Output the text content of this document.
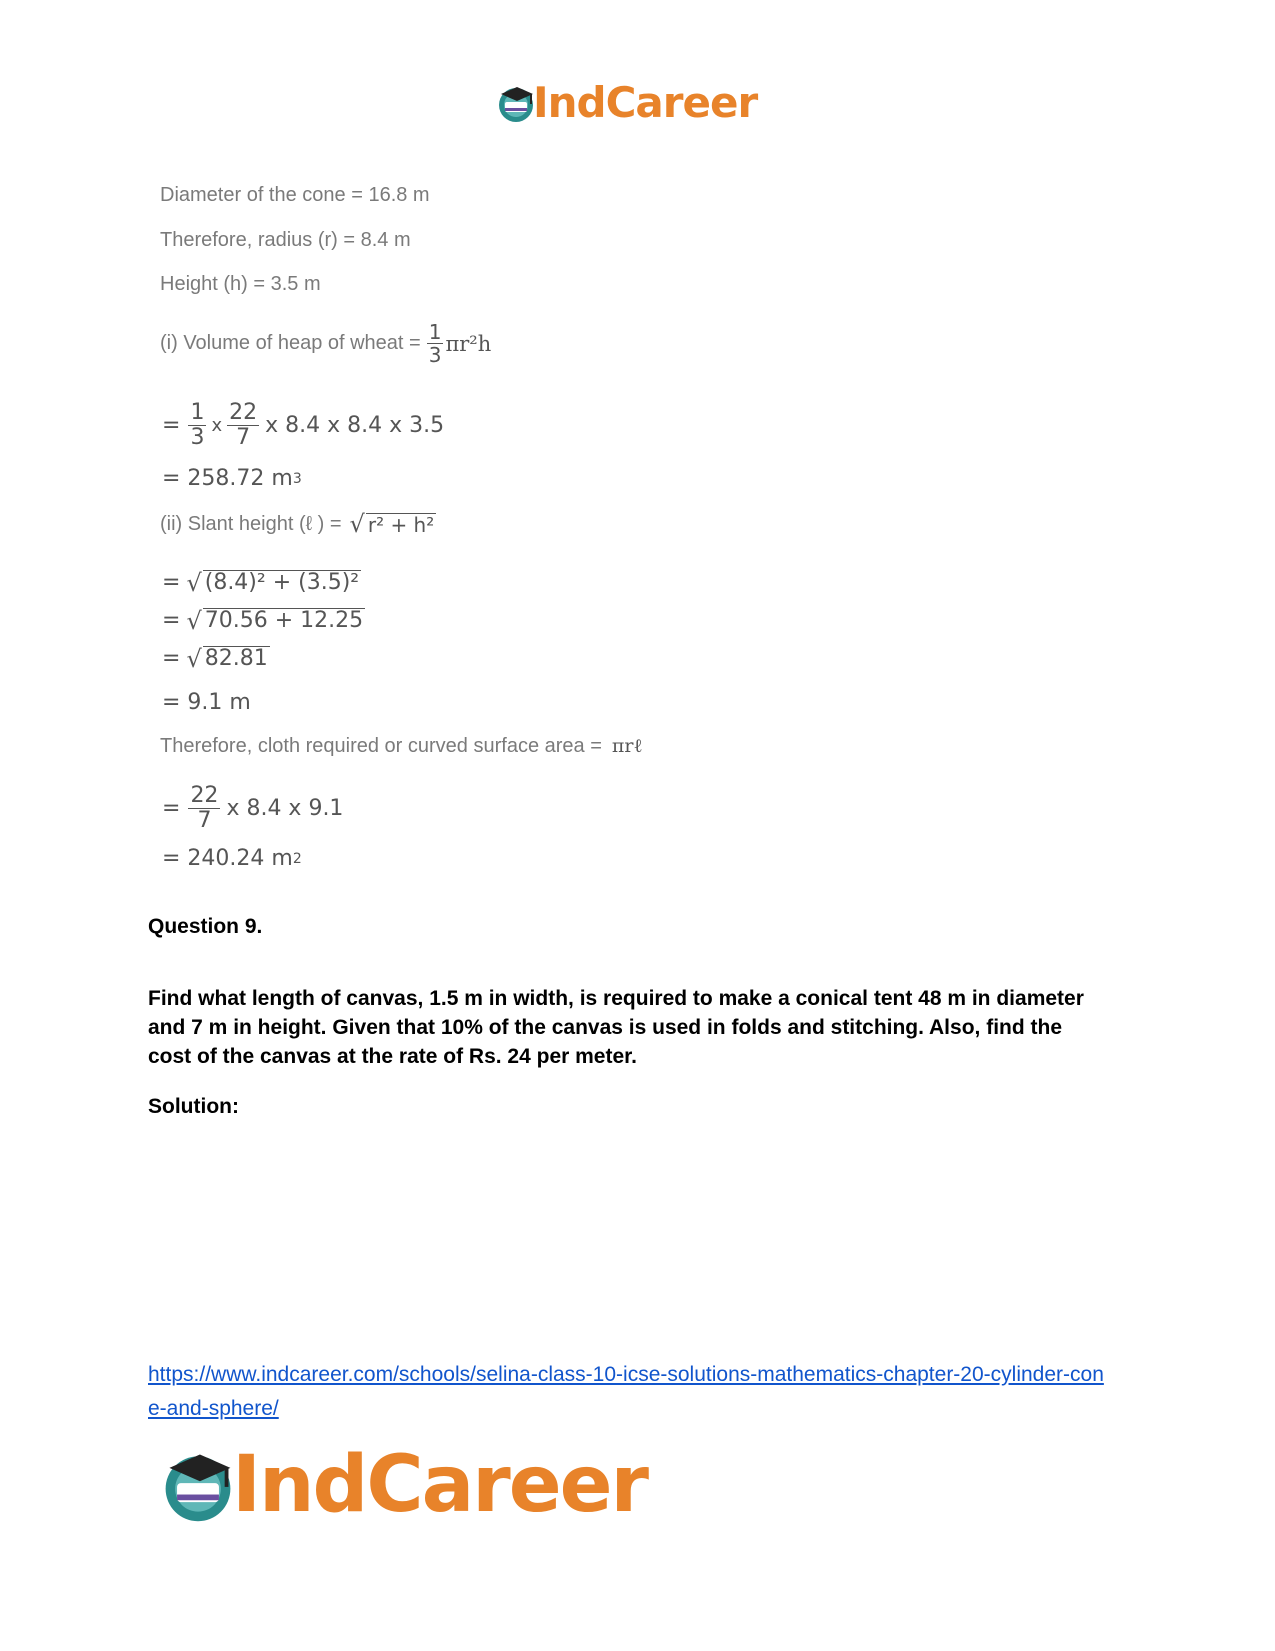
IndCareer
Diameter of the cone = 16.8 m
Therefore, radius (r) = 8.4 m
Height (h) = 3.5 m
(i) Volume of heap of wheat = $\frac{1}{3} \pi r^2h$
= $\frac{1}{3}$ x $\frac{22}{7}$ x 8.4 x 8.4 x 3.5
= 258.72 m 3
(ii) Slant height (ℓ ) = √ r² + h²
= √ (8.4)² + (3.5)²
= √ 70.56 + 12.25
= √ 82.81
= 9.1 m
Therefore, cloth required or curved surface area = πrℓ
= $\frac{22}{7}$ x 8.4 x 9.1
= 240.24 m 2
Question 9.
Find what length of canvas, 1.5 m in width, is required to make a conical tent 48 m in diameter and 7 m in height. Given that 10% of the canvas is used in folds and stitching. Also, find the cost of the canvas at the rate of Rs. 24 per meter.
Solution:
https://www.indcareer.com/schools/selina-class-10-icse-solutions-mathematics-chapter-20-cylinder-cone-and-sphere/
IndCareer
